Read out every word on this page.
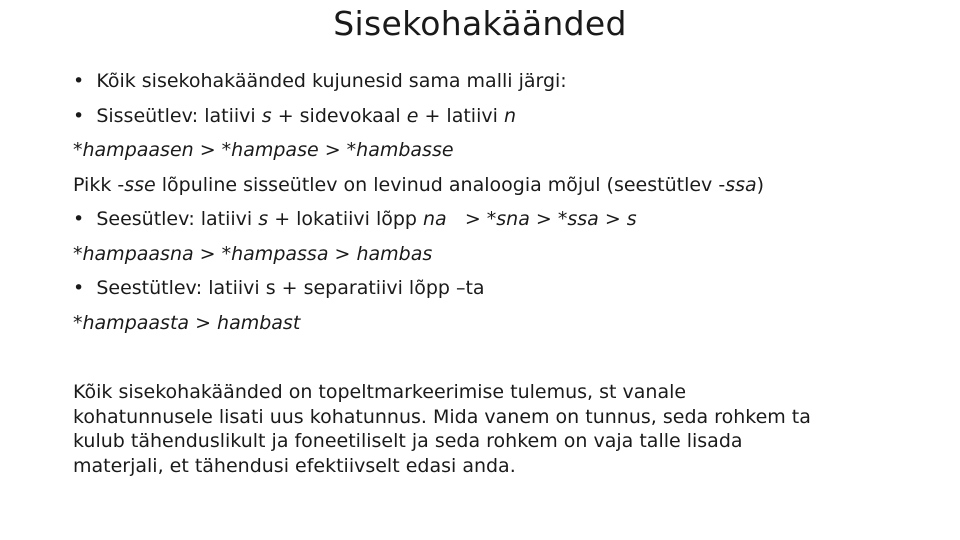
Sisekohakäänded
• Kõik sisekohakäänded kujunesid sama malli järgi:
• Sisseütlev: latiivi s + sidevokaal e + latiivi n
*hampaasen > *hampase > *hambasse
Pikk -sse lõpuline sisseütlev on levinud analoogia mõjul (seestütlev -ssa)
• Seesütlev: latiivi s + lokatiivi lõpp na   > *sna > *ssa > s
*hampaasna > *hampassa > hambas
• Seestütlev: latiivi s + separatiivi lõpp –ta
*hampaasta > hambast
Kõik sisekohakäänded on topeltmarkeerimise tulemus, st vanale
kohatunnusele lisati uus kohatunnus. Mida vanem on tunnus, seda rohkem ta
kulub tähenduslikult ja foneetiliselt ja seda rohkem on vaja talle lisada
materjali, et tähendusi efektiivselt edasi anda.
